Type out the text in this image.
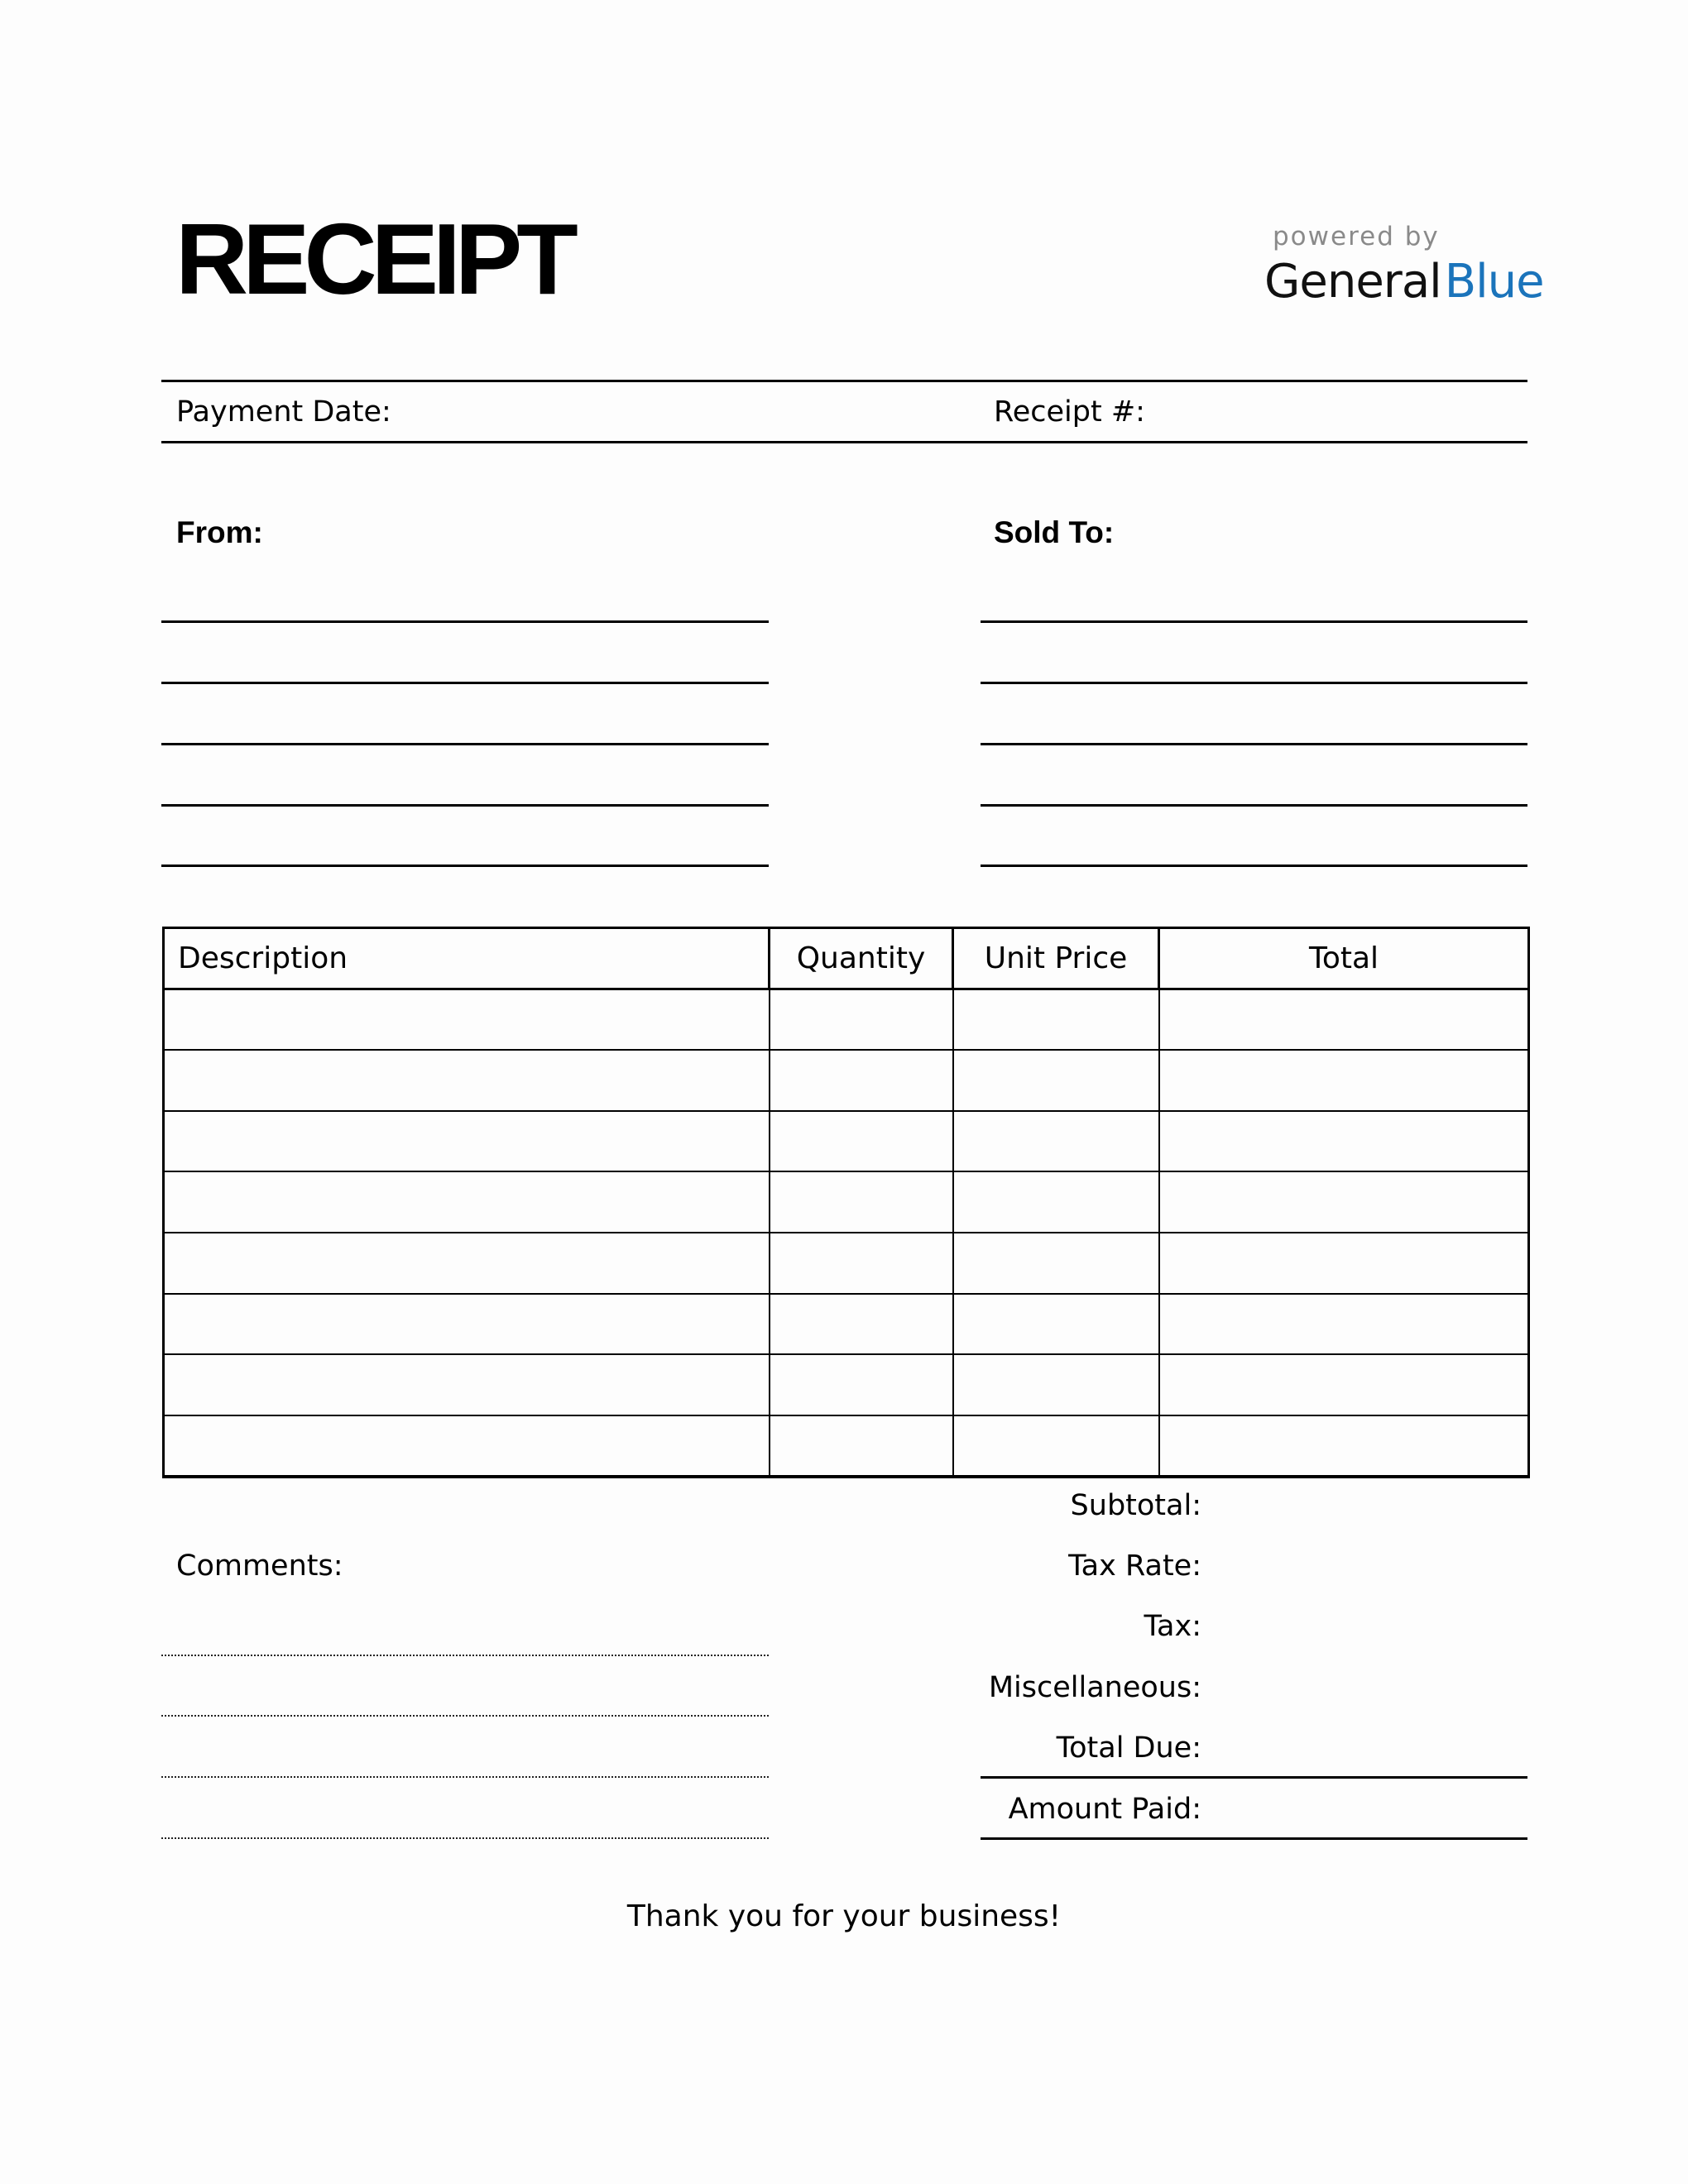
RECEIPT	powered by
GeneralBlue
Payment Date:	Receipt #:
From:	Sold To:
Description	Quantity	Unit Price	Total

Subtotal:
Tax Rate:
Tax:
Miscellaneous:
Total Due:
Amount Paid:
Comments:
Thank you for your business!
